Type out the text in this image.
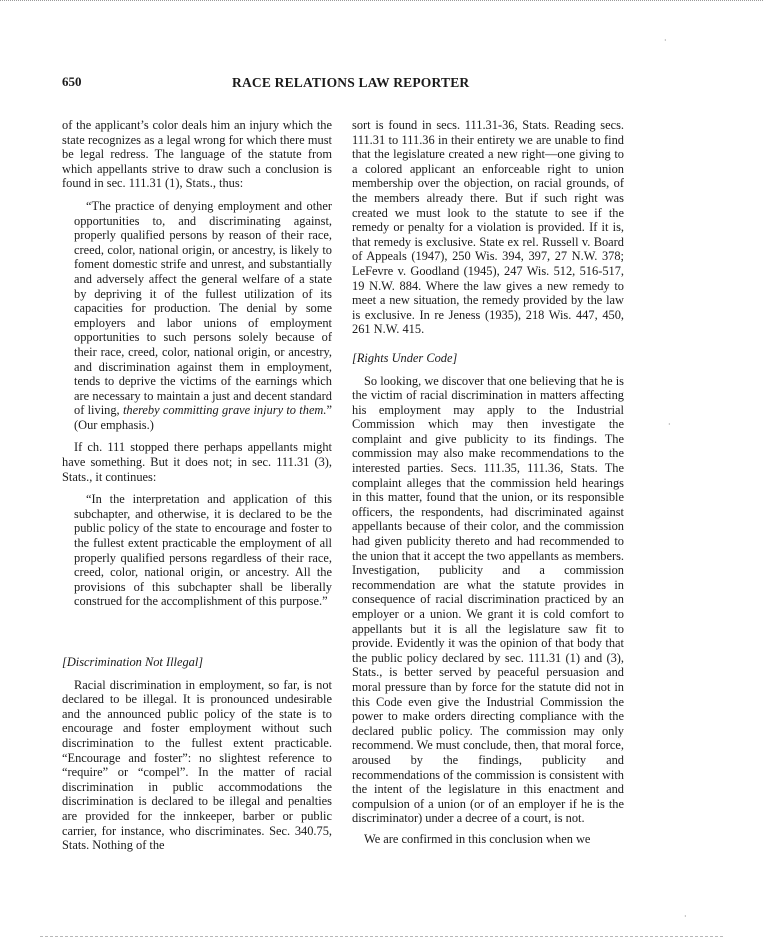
650	RACE RELATIONS LAW REPORTER

of the applicant’s color deals him an injury which the state recognizes as a legal wrong for which there must be legal redress. The language of the statute from which appellants strive to draw such a conclusion is found in sec. 111.31 (1), Stats., thus:

“The practice of denying employment and other opportunities to, and discriminating against, properly qualified persons by reason of their race, creed, color, national origin, or ancestry, is likely to foment domestic strife and unrest, and substantially and adversely affect the general welfare of a state by depriving it of the fullest utilization of its capacities for production. The denial by some employers and labor unions of employment opportunities to such persons solely because of their race, creed, color, national origin, or ancestry, and discrimination against them in employment, tends to deprive the victims of the earnings which are necessary to maintain a just and decent standard of living, thereby committing grave injury to them.” (Our emphasis.)

If ch. 111 stopped there perhaps appellants might have something. But it does not; in sec. 111.31 (3), Stats., it continues:

“In the interpretation and application of this subchapter, and otherwise, it is declared to be the public policy of the state to encourage and foster to the fullest extent practicable the employment of all properly qualified persons regardless of their race, creed, color, national origin, or ancestry. All the provisions of this subchapter shall be liberally construed for the accomplishment of this purpose.”

[Discrimination Not Illegal]

Racial discrimination in employment, so far, is not declared to be illegal. It is pronounced undesirable and the announced public policy of the state is to encourage and foster employment without such discrimination to the fullest extent practicable. “Encourage and foster”: no slightest reference to “require” or “compel”. In the matter of racial discrimination in public accommodations the discrimination is declared to be illegal and penalties are provided for the innkeeper, barber or public carrier, for instance, who discriminates. Sec. 340.75, Stats. Nothing of the

sort is found in secs. 111.31-36, Stats. Reading secs. 111.31 to 111.36 in their entirety we are unable to find that the legislature created a new right—one giving to a colored applicant an enforceable right to union membership over the objection, on racial grounds, of the members already there. But if such right was created we must look to the statute to see if the remedy or penalty for a violation is provided. If it is, that remedy is exclusive. State ex rel. Russell v. Board of Appeals (1947), 250 Wis. 394, 397, 27 N.W. 378; LeFevre v. Goodland (1945), 247 Wis. 512, 516-517, 19 N.W. 884. Where the law gives a new remedy to meet a new situation, the remedy provided by the law is exclusive. In re Jeness (1935), 218 Wis. 447, 450, 261 N.W. 415.

[Rights Under Code]

So looking, we discover that one believing that he is the victim of racial discrimination in matters affecting his employment may apply to the Industrial Commission which may then investigate the complaint and give publicity to its findings. The commission may also make recommendations to the interested parties. Secs. 111.35, 111.36, Stats. The complaint alleges that the commission held hearings in this matter, found that the union, or its responsible officers, the respondents, had discriminated against appellants because of their color, and the commission had given publicity thereto and had recommended to the union that it accept the two appellants as members. Investigation, publicity and a commission recommendation are what the statute provides in consequence of racial discrimination practiced by an employer or a union. We grant it is cold comfort to appellants but it is all the legislature saw fit to provide. Evidently it was the opinion of that body that the public policy declared by sec. 111.31 (1) and (3), Stats., is better served by peaceful persuasion and moral pressure than by force for the statute did not in this Code even give the Industrial Commission the power to make orders directing compliance with the declared public policy. The commission may only recommend. We must conclude, then, that moral force, aroused by the findings, publicity and recommendations of the commission is consistent with the intent of the legislature in this enactment and compulsion of a union (or of an employer if he is the discriminator) under a decree of a court, is not.

We are confirmed in this conclusion when we

·
·
·
